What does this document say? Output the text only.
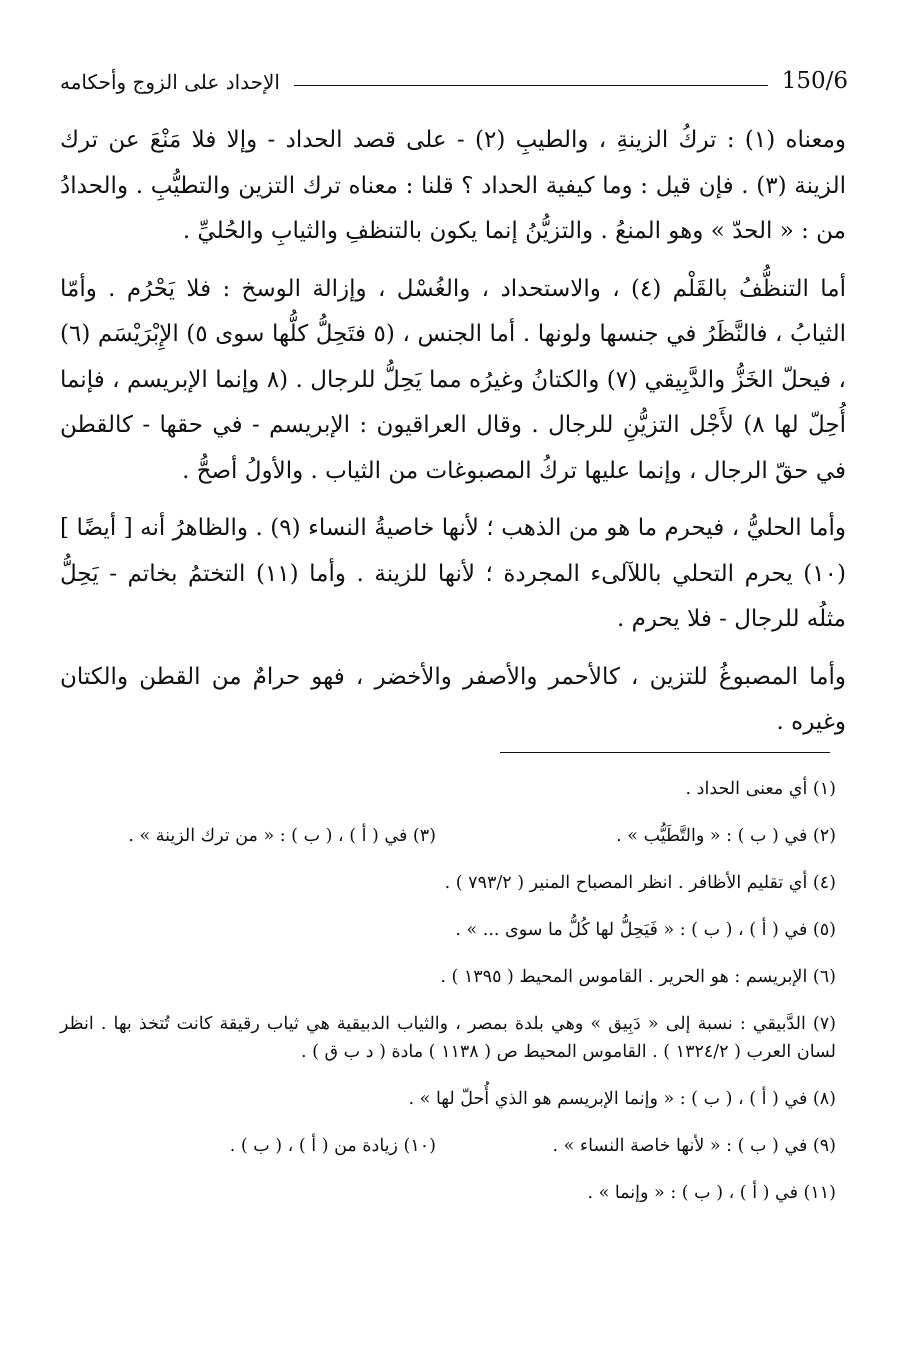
150/6
الإحداد على الزوج وأحكامه

ومعناه (١) : تركُ الزينةِ ، والطيبِ (٢) - على قصد الحداد - وإلا فلا مَنْعَ عن ترك الزينة (٣) . فإن قيل : وما كيفية الحداد ؟ قلنا : معناه ترك التزين والتطيُّبِ . والحدادُ من : « الحدّ » وهو المنعُ . والتزيُّنُ إنما يكون بالتنظفِ والثيابِ والحُليِّ .

أما التنظُّفُ بالقَلْم (٤) ، والاستحداد ، والغُسْل ، وإزالة الوسخ : فلا يَحْرُم . وأمّا الثيابُ ، فالنَّظَرُ في جنسها ولونها . أما الجنس ، (٥ فتَحِلُّ كلُّها سوى ٥) الإِبْرَيْسَم (٦) ، فيحلّ الخَزُّ والدَّبِيقي (٧) والكتانُ وغيرُه مما يَحِلُّ للرجال . (٨ وإنما الإبريسم ، فإنما أُحِلّ لها ٨) لأَجْل التزيُّنِ للرجال . وقال العراقيون : الإبريسم - في حقها - كالقطن في حقّ الرجال ، وإنما عليها تركُ المصبوغات من الثياب . والأولُ أصحُّ .

وأما الحليُّ ، فيحرم ما هو من الذهب ؛ لأنها خاصيةُ النساء (٩) . والظاهرُ أنه [ أيضًا ] (١٠) يحرم التحلي باللآلىء المجردة ؛ لأنها للزينة . وأما (١١) التختمُ بخاتم - يَحِلُّ مثلُه للرجال - فلا يحرم .

وأما المصبوغُ للتزين ، كالأحمر والأصفر والأخضر ، فهو حرامٌ من القطن والكتان وغيره .

(١) أي معنى الحداد .
(٢) في ( ب ) : « والتَّطَيُّب » .
(٣) في ( أ ) ، ( ب ) : « من ترك الزينة » .
(٤) أي تقليم الأظافر . انظر المصباح المنير ( ٧٩٣/٢ ) .
(٥) في ( أ ) ، ( ب ) : « فَيَحِلُّ لها كُلُّ ما سوى ... » .
(٦) الإبريسم : هو الحرير . القاموس المحيط ( ١٣٩٥ ) .
(٧) الدَّبيقي : نسبة إلى « دَبِيق » وهي بلدة بمصر ، والثياب الدبيقية هي ثياب رقيقة كانت تُتخذ بها . انظر لسان العرب ( ١٣٢٤/٢ ) . القاموس المحيط ص ( ١١٣٨ ) مادة ( د ب ق ) .
(٨) في ( أ ) ، ( ب ) : « وإنما الإبريسم هو الذي أُحلّ لها » .
(٩) في ( ب ) : « لأنها خاصة النساء » .
(١٠) زيادة من ( أ ) ، ( ب ) .
(١١) في ( أ ) ، ( ب ) : « وإنما » .
